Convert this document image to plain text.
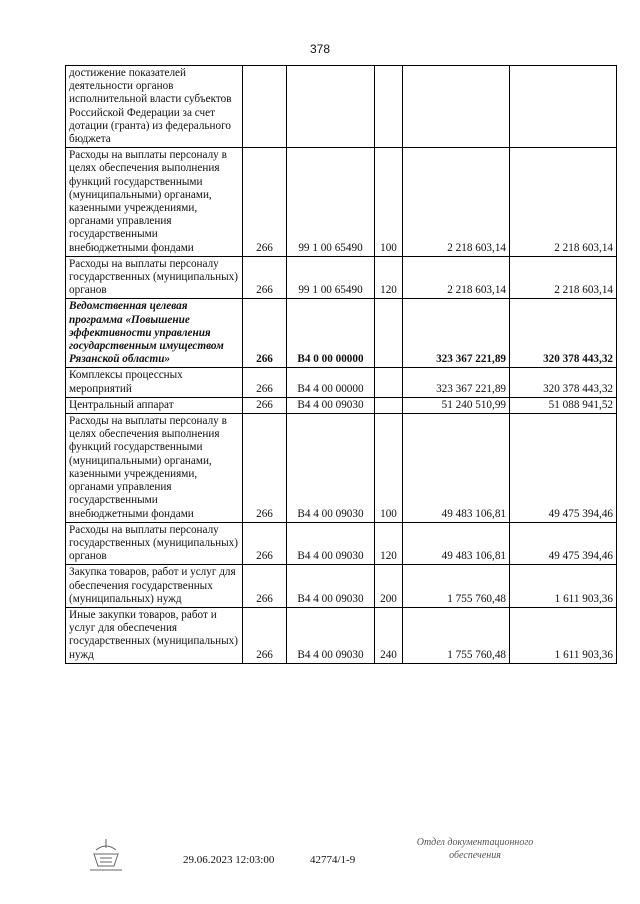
378
достижение показателей деятельности органов исполнительной власти субъектов Российской Федерации за счет дотации (гранта) из федерального бюджета					
Расходы на выплаты персоналу в целях обеспечения выполнения функций государственными (муниципальными) органами, казенными учреждениями, органами управления государственными внебюджетными фондами	266	99 1 00 65490	100	2 218 603,14	2 218 603,14
Расходы на выплаты персоналу государственных (муниципальных) органов	266	99 1 00 65490	120	2 218 603,14	2 218 603,14
Ведомственная целевая программа «Повышение эффективности управления государственным имуществом Рязанской области»	266	В4 0 00 00000		323 367 221,89	320 378 443,32
Комплексы процессных мероприятий	266	В4 4 00 00000		323 367 221,89	320 378 443,32
Центральный аппарат	266	В4 4 00 09030		51 240 510,99	51 088 941,52
Расходы на выплаты персоналу в целях обеспечения выполнения функций государственными (муниципальными) органами, казенными учреждениями, органами управления государственными внебюджетными фондами	266	В4 4 00 09030	100	49 483 106,81	49 475 394,46
Расходы на выплаты персоналу государственных (муниципальных) органов	266	В4 4 00 09030	120	49 483 106,81	49 475 394,46
Закупка товаров, работ и услуг для обеспечения государственных (муниципальных) нужд	266	В4 4 00 09030	200	1 755 760,48	1 611 903,36
Иные закупки товаров, работ и услуг для обеспечения государственных (муниципальных) нужд	266	В4 4 00 09030	240	1 755 760,48	1 611 903,36
29.06.2023 12:03:00	42774/1-9
Отдел документационного
обеспечения
